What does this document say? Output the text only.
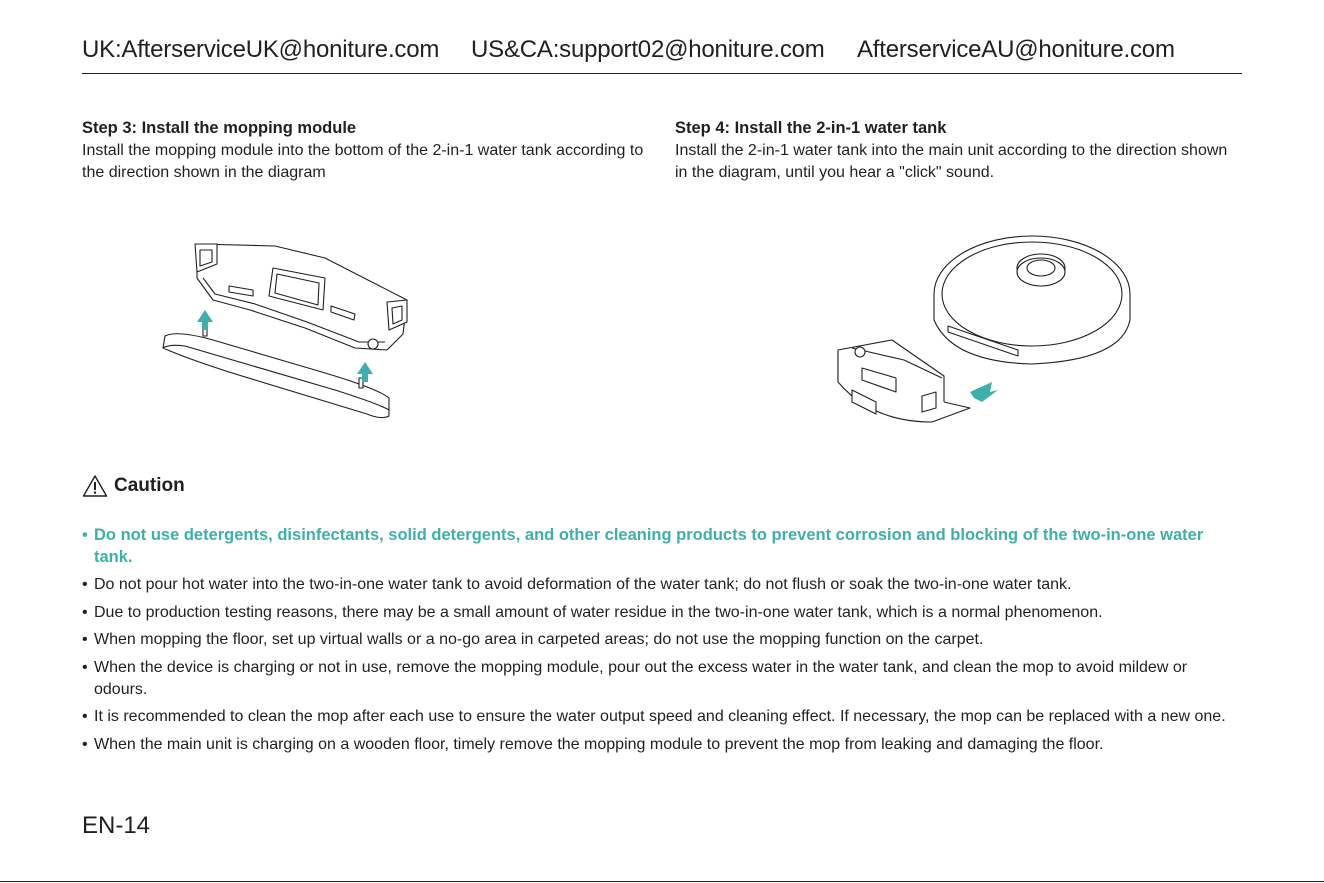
UK:AfterserviceUK@honiture.com US&CA:support02@honiture.com AfterserviceAU@honiture.com
Step 3: Install the mopping module
Install the mopping module into the bottom of the 2-in-1 water tank according to the direction shown in the diagram
Step 4: Install the 2-in-1 water tank
Install the 2-in-1 water tank into the main unit according to the direction shown in the diagram, until you hear a "click" sound.
Caution
• Do not use detergents, disinfectants, solid detergents, and other cleaning products to prevent corrosion and blocking of the two-in-one water tank.
• Do not pour hot water into the two-in-one water tank to avoid deformation of the water tank; do not flush or soak the two-in-one water tank.
• Due to production testing reasons, there may be a small amount of water residue in the two-in-one water tank, which is a normal phenomenon.
• When mopping the floor, set up virtual walls or a no-go area in carpeted areas; do not use the mopping function on the carpet.
• When the device is charging or not in use, remove the mopping module, pour out the excess water in the water tank, and clean the mop to avoid mildew or odours.
• It is recommended to clean the mop after each use to ensure the water output speed and cleaning effect. If necessary, the mop can be replaced with a new one.
• When the main unit is charging on a wooden floor, timely remove the mopping module to prevent the mop from leaking and damaging the floor.
EN-14
